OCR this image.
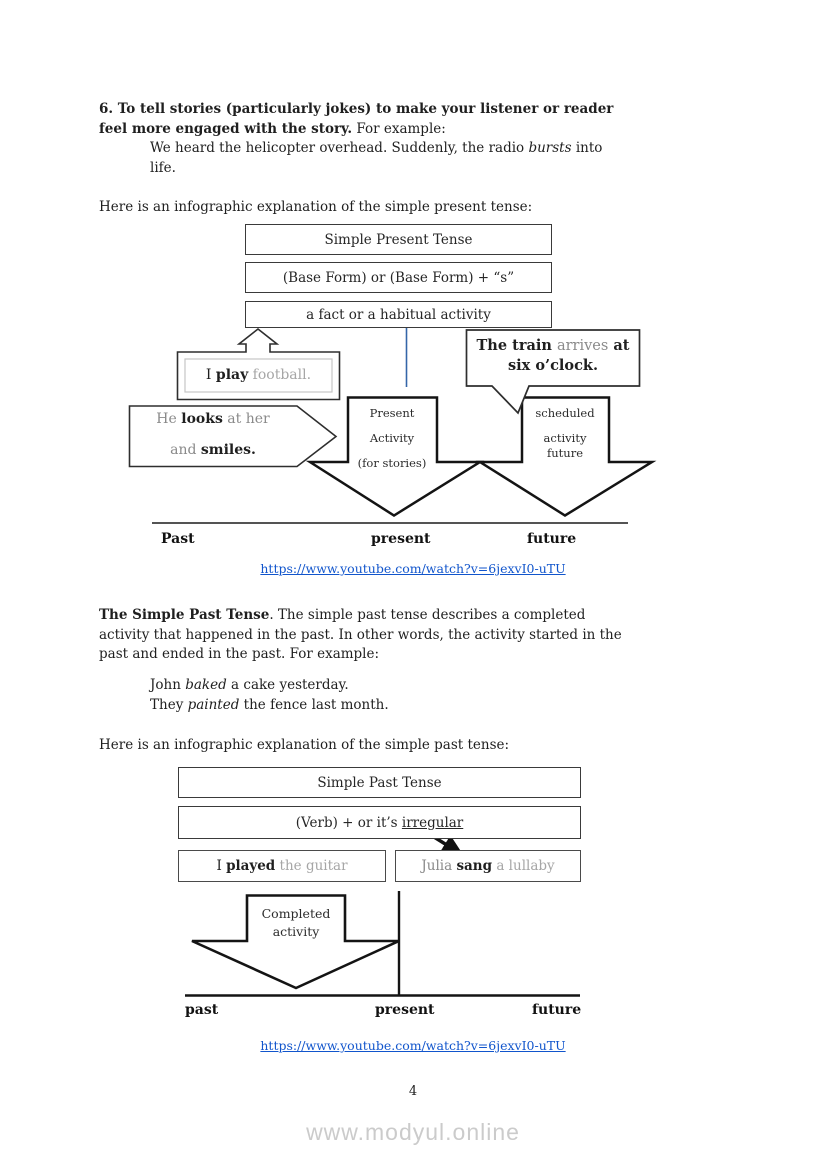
6. To tell stories (particularly jokes) to make your listener or reader
feel more engaged with the story. For example:
We heard the helicopter overhead. Suddenly, the radio bursts into
life.
Here is an infographic explanation of the simple present tense:
Simple Present Tense
(Base Form) or (Base Form) + “s”
a fact or a habitual activity
I play football.
The train arrives at
six o’clock.
He looks at her
and smiles.
Present
Activity
(for stories)
scheduled
activity
future
Past	present	future
https://www.youtube.com/watch?v=6jexvI0-uTU
The Simple Past Tense. The simple past tense describes a completed
activity that happened in the past. In other words, the activity started in the
past and ended in the past. For example:
John baked a cake yesterday.
They painted the fence last month.
Here is an infographic explanation of the simple past tense:
Simple Past Tense
(Verb) + or it’s irregular
I played the guitar	Julia sang a lullaby
Completed
activity
past	present	future
https://www.youtube.com/watch?v=6jexvI0-uTU
4
www.modyul.online
